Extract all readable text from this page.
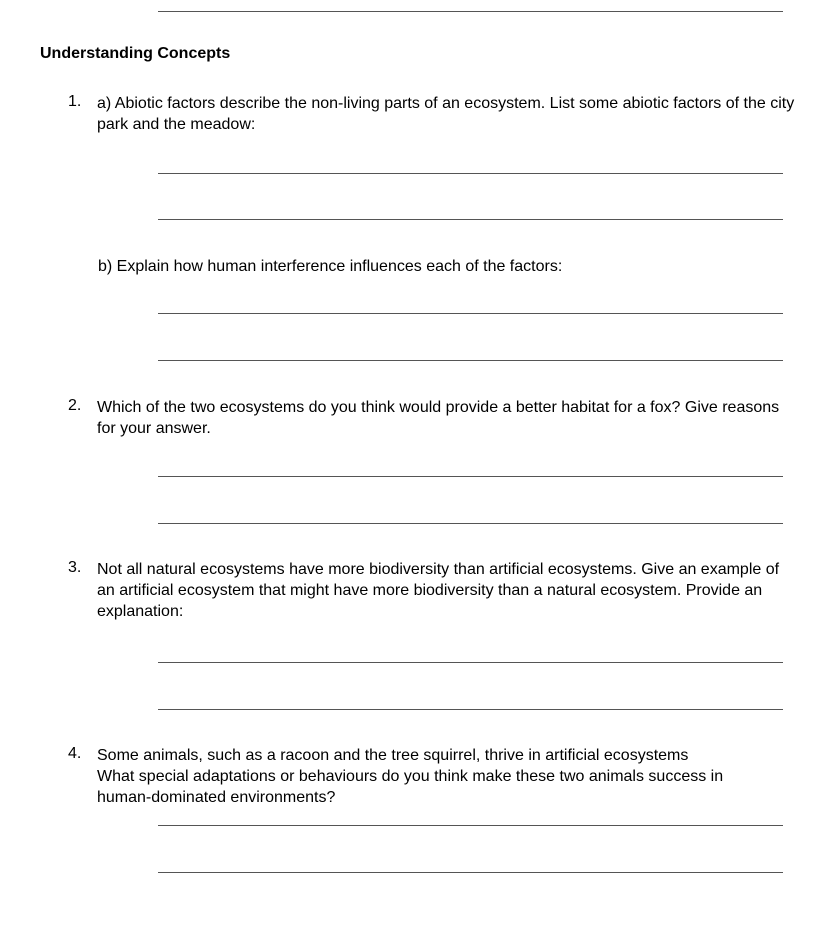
Understanding Concepts
1. a) Abiotic factors describe the non-living parts of an ecosystem. List some abiotic factors of the city park and the meadow:
b) Explain how human interference influences each of the factors:
2. Which of the two ecosystems do you think would provide a better habitat for a fox? Give reasons for your answer.
3. Not all natural ecosystems have more biodiversity than artificial ecosystems. Give an example of an artificial ecosystem that might have more biodiversity than a natural ecosystem. Provide an explanation:
4. Some animals, such as a racoon and the tree squirrel, thrive in artificial ecosystems
What special adaptations or behaviours do you think make these two animals success in
human-dominated environments?
